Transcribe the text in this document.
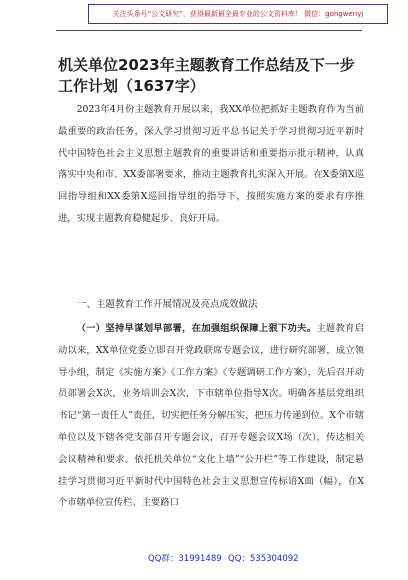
关注头条号“公文研究”，获得最新最全最专业的公文资料库！ 微信：gongwenyj
机关单位2023年主题教育工作总结及下一步工作计划（1637字）

2023年4月份主题教育开展以来，我XX单位把抓好主题教育作为当前最重要的政治任务，深入学习贯彻习近平总书记关于学习贯彻习近平新时代中国特色社会主义思想主题教育的重要讲话和重要指示批示精神，认真落实中央和市、XX委部署要求，推动主题教育扎实深入开展。在X委第X巡回指导组和XX委第X巡回指导组的指导下，按照实施方案的要求有序推进，实现主题教育稳健起步、良好开局。

一、主题教育工作开展情况及亮点成效做法

（一）坚持早谋划早部署，在加强组织保障上狠下功夫。主题教育启动以来，XX单位党委立即召开党政联席专题会议，进行研究部署，成立领导小组，制定《实施方案》《工作方案》《专题调研工作方案》，先后召开动员部署会X次，业务培训会X次，下市辖单位指导X次。明确各基层党组织书记“第一责任人”责任，切实把任务分解压实，把压力传递到位。X个市辖单位以及下辖各党支部召开专题会议，召开专题会议X场（次），传达相关会议精神和要求。依托机关单位“文化上墙”“公开栏”等工作建设，制定悬挂学习贯彻习近平新时代中国特色社会主义思想宣传标语X面（幅），在X个市辖单位宣传栏、主要路口

QQ群：31991489 QQ：535304092
